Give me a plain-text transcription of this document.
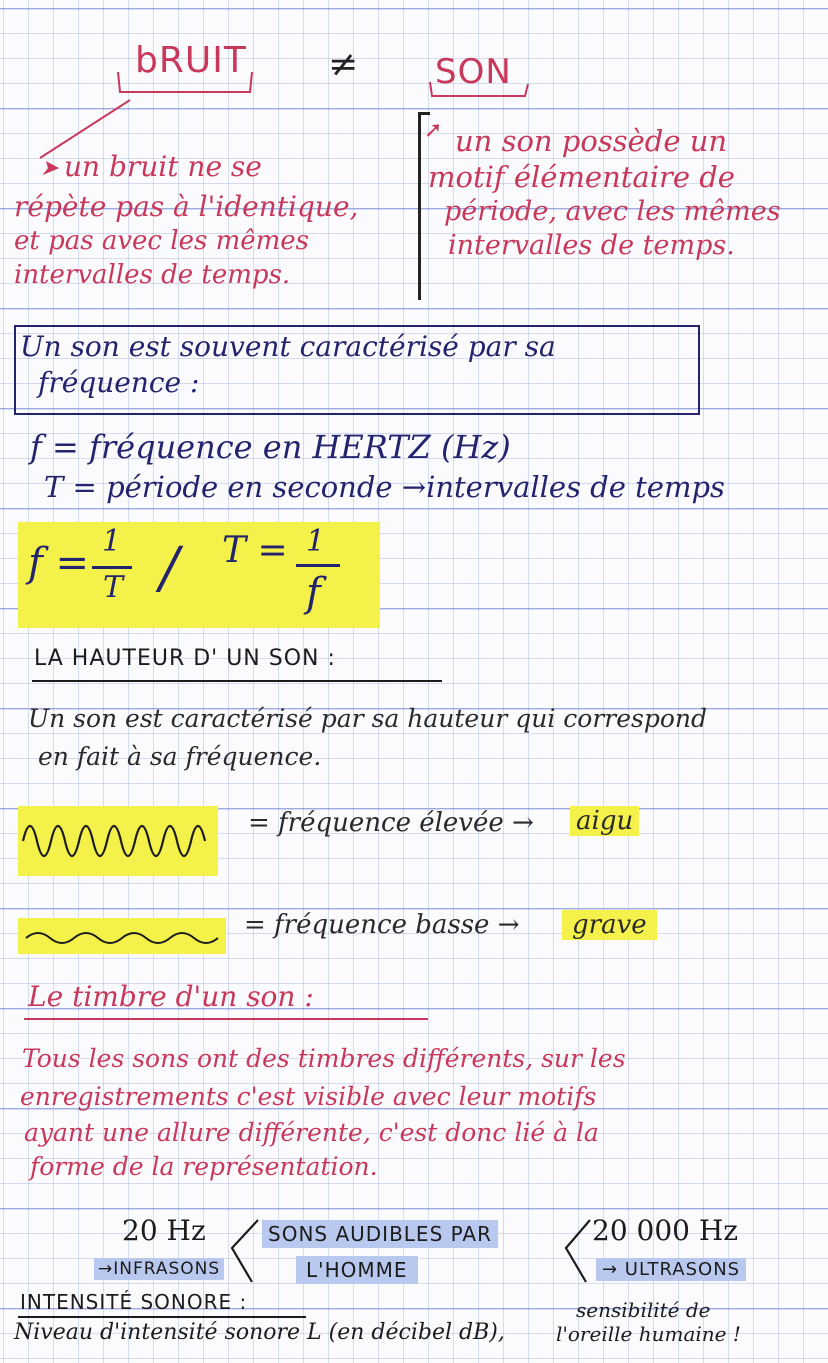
bRUIT ≠ SON
➤ un bruit ne se
répète pas à l'identique,
et pas avec les mêmes
intervalles de temps.
➚ un son possède un
motif élémentaire de
période, avec les mêmes
intervalles de temps.
Un son est souvent caractérisé par sa
fréquence :
f = fréquence en HERTZ (Hz)
T = période en seconde →intervalles de temps
f = 1
T / T = 1
f
LA HAUTEUR D' UN SON :
Un son est caractérisé par sa hauteur qui correspond
en fait à sa fréquence.
= fréquence élevée → aigu
= fréquence basse →	grave
Le timbre d'un son :
Tous les sons ont des timbres différents, sur les
enregistrements c'est visible avec leur motifs
ayant une allure différente, c'est donc lié à la
forme de la représentation.
20 Hz	SONS AUDIBLES PAR
L'HOMME
20 000 Hz
→INFRASONS	→ ULTRASONS
INTENSITÉ SONORE :
Niveau d'intensité sonore L (en décibel dB),
sensibilité de
l'oreille humaine !
